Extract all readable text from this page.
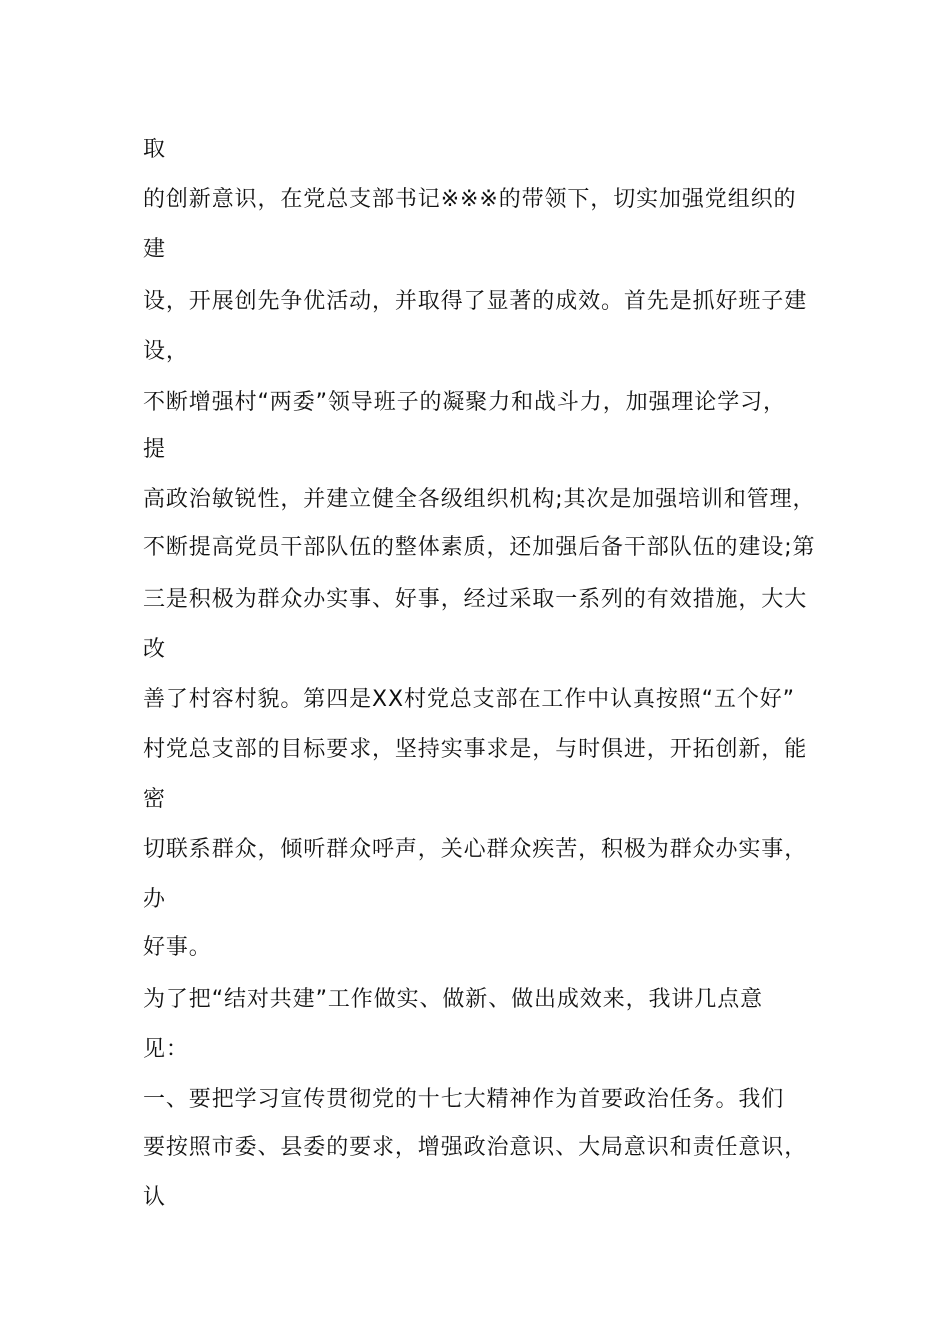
取
的创新意识，在党总支部书记※※※的带领下，切实加强党组织的
建
设，开展创先争优活动，并取得了显著的成效。首先是抓好班子建
设，
不断增强村“两委”领导班子的凝聚力和战斗力，加强理论学习，
提
高政治敏锐性，并建立健全各级组织机构;其次是加强培训和管理，
不断提高党员干部队伍的整体素质，还加强后备干部队伍的建设;第
三是积极为群众办实事、好事，经过采取一系列的有效措施，大大
改
善了村容村貌。第四是XX村党总支部在工作中认真按照“五个好”
村党总支部的目标要求，坚持实事求是，与时俱进，开拓创新，能
密
切联系群众，倾听群众呼声，关心群众疾苦，积极为群众办实事，
办
好事。
为了把“结对共建”工作做实、做新、做出成效来，我讲几点意
见：
一、要把学习宣传贯彻党的十七大精神作为首要政治任务。我们
要按照市委、县委的要求，增强政治意识、大局意识和责任意识，
认
